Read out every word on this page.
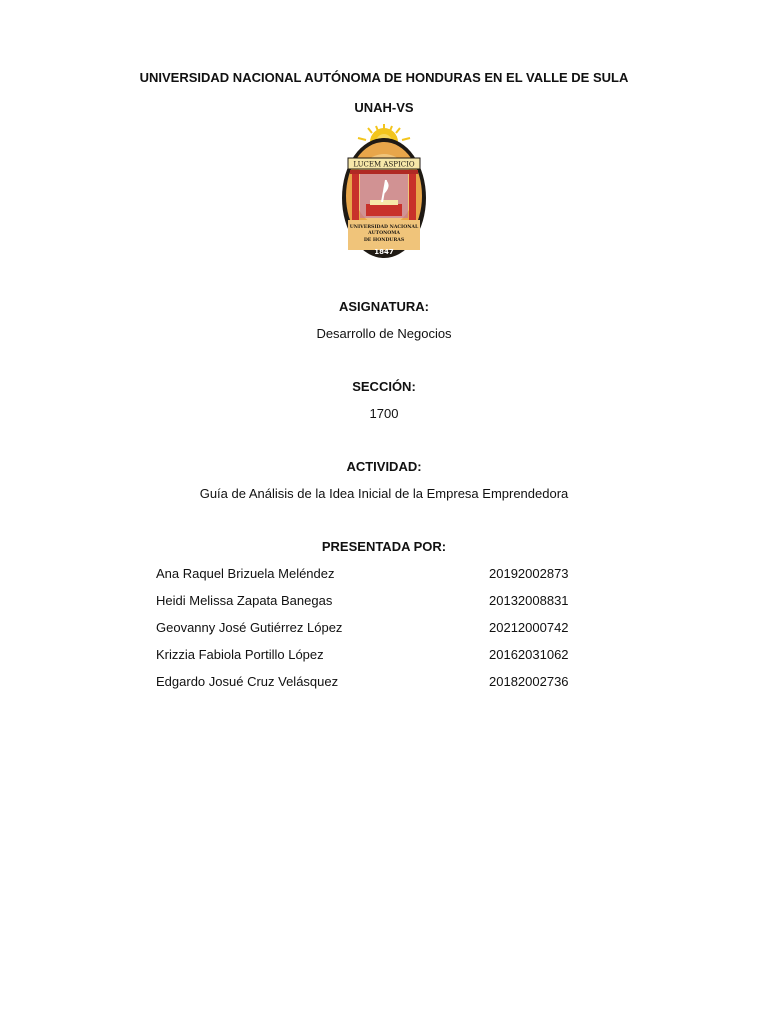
UNIVERSIDAD NACIONAL AUTÓNOMA DE HONDURAS EN EL VALLE DE SULA
UNAH-VS
LUCEM ASPICIO
UNIVERSIDAD NACIONAL
AUTONOMA
DE HONDURAS
1847
ASIGNATURA:
Desarrollo de Negocios
SECCIÓN:
1700
ACTIVIDAD:
Guía de Análisis de la Idea Inicial de la Empresa Emprendedora
PRESENTADA POR:
Ana Raquel Brizuela Meléndez	20192002873
Heidi Melissa Zapata Banegas	20132008831
Geovanny José Gutiérrez López	20212000742
Krizzia Fabiola Portillo López	20162031062
Edgardo Josué Cruz Velásquez	20182002736
